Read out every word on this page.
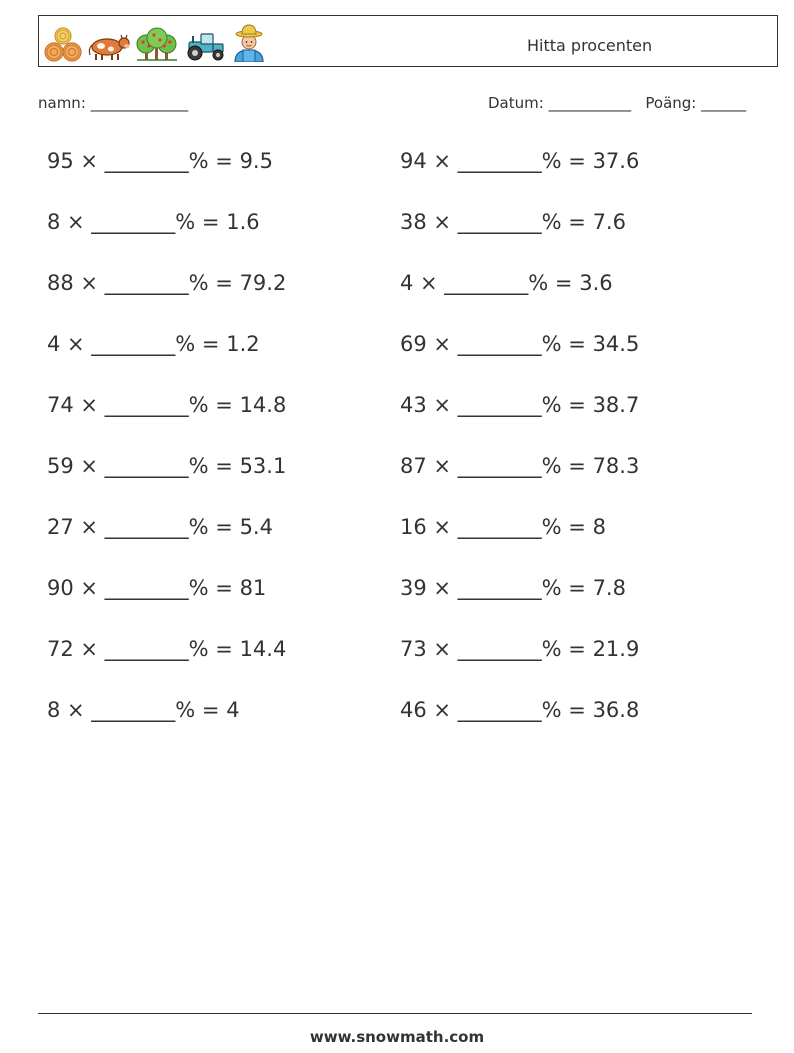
Hitta procenten
namn: _____________	Datum: ___________ Poäng: ______
95 × ________% = 9.5	94 × ________% = 37.6
8 × ________% = 1.6	38 × ________% = 7.6
88 × ________% = 79.2	4 × ________% = 3.6
4 × ________% = 1.2	69 × ________% = 34.5
74 × ________% = 14.8	43 × ________% = 38.7
59 × ________% = 53.1	87 × ________% = 78.3
27 × ________% = 5.4	16 × ________% = 8
90 × ________% = 81	39 × ________% = 7.8
72 × ________% = 14.4	73 × ________% = 21.9
8 × ________% = 4	46 × ________% = 36.8
www.snowmath.com
